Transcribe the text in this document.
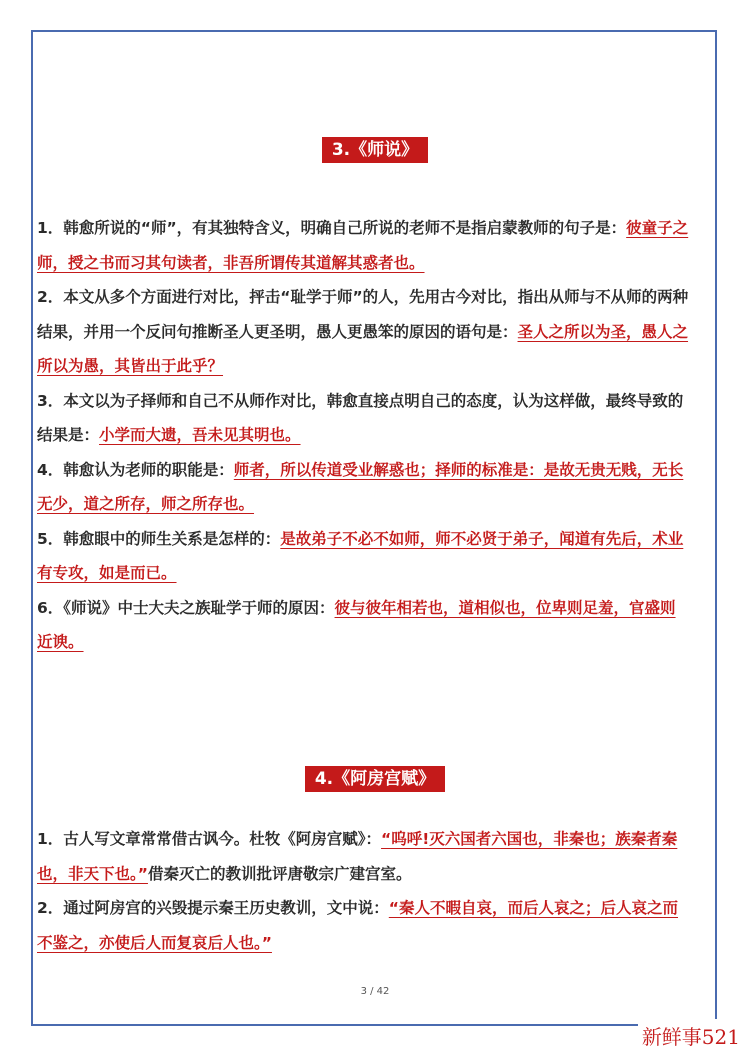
3.《师说》
1．韩愈所说的“师”，有其独特含义，明确自己所说的老师不是指启蒙教师的句子是：彼童子之师，授之书而习其句读者，非吾所谓传其道解其惑者也。
2．本文从多个方面进行对比，抨击“耻学于师”的人，先用古今对比，指出从师与不从师的两种结果，并用一个反问句推断圣人更圣明，愚人更愚笨的原因的语句是：圣人之所以为圣，愚人之所以为愚，其皆出于此乎？
3．本文以为子择师和自己不从师作对比，韩愈直接点明自己的态度，认为这样做，最终导致的结果是：小学而大遗，吾未见其明也。
4．韩愈认为老师的职能是：师者，所以传道受业解惑也；择师的标准是：是故无贵无贱，无长无少，道之所存，师之所存也。
5．韩愈眼中的师生关系是怎样的：是故弟子不必不如师，师不必贤于弟子，闻道有先后，术业有专攻，如是而已。
6．《师说》中士大夫之族耻学于师的原因：彼与彼年相若也，道相似也，位卑则足羞，官盛则近谀。
4.《阿房宫赋》
1．古人写文章常常借古讽今。杜牧《阿房宫赋》：“呜呼!灭六国者六国也，非秦也；族秦者秦也，非天下也。”借秦灭亡的教训批评唐敬宗广建宫室。
2．通过阿房宫的兴毁提示秦王历史教训，文中说：“秦人不暇自哀，而后人哀之；后人哀之而不鉴之，亦使后人而复哀后人也。”
3 / 42
新鲜事521
